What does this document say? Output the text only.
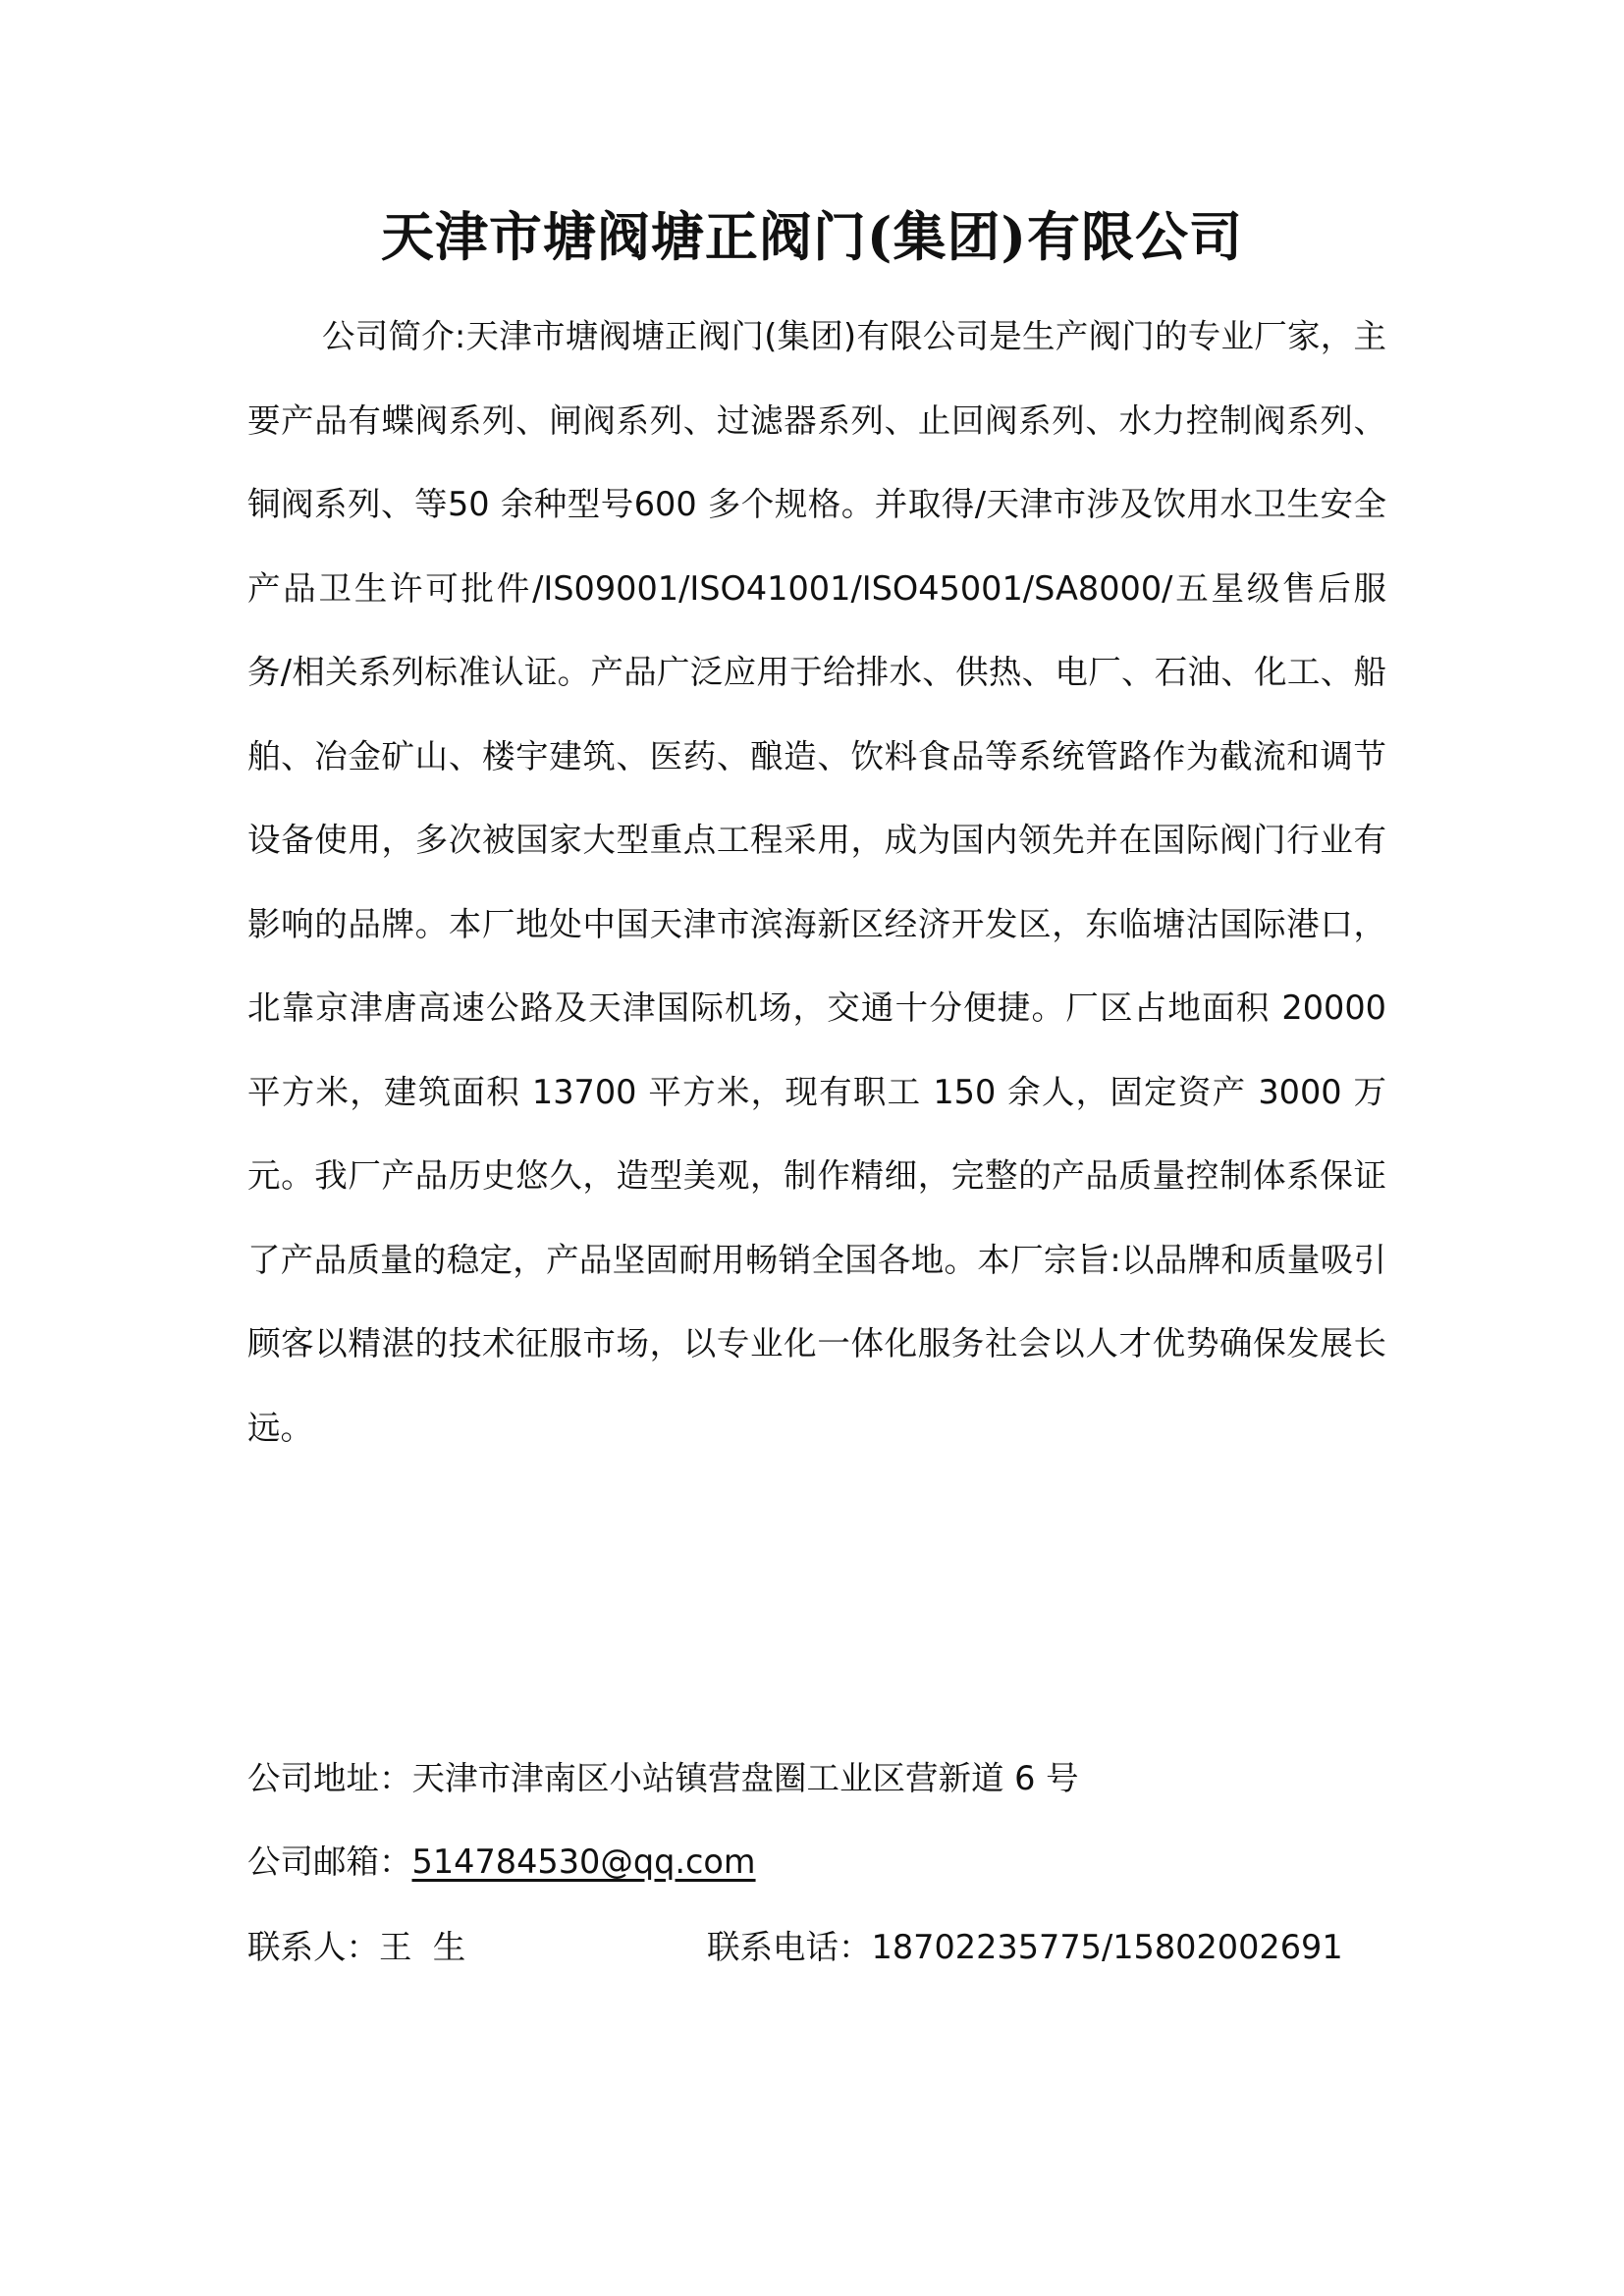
天津市塘阀塘正阀门(集团)有限公司

公司简介:天津市塘阀塘正阀门(集团)有限公司是生产阀门的专业厂家，主要产品有蝶阀系列、闸阀系列、过滤器系列、止回阀系列、水力控制阀系列、铜阀系列、等50 余种型号600 多个规格。并取得/天津市涉及饮用水卫生安全产品卫生许可批件/IS09001/ISO41001/ISO45001/SA8000/五星级售后服务/相关系列标准认证。产品广泛应用于给排水、供热、电厂、石油、化工、船舶、冶金矿山、楼宇建筑、医药、酿造、饮料食品等系统管路作为截流和调节设备使用，多次被国家大型重点工程采用，成为国内领先并在国际阀门行业有影响的品牌。本厂地处中国天津市滨海新区经济开发区，东临塘沽国际港口，北靠京津唐高速公路及天津国际机场，交通十分便捷。厂区占地面积 20000 平方米，建筑面积 13700 平方米，现有职工 150 余人，固定资产 3000 万元。我厂产品历史悠久，造型美观，制作精细，完整的产品质量控制体系保证了产品质量的稳定，产品坚固耐用畅销全国各地。本厂宗旨:以品牌和质量吸引顾客以精湛的技术征服市场，以专业化一体化服务社会以人才优势确保发展长远。

公司地址：天津市津南区小站镇营盘圈工业区营新道 6 号
公司邮箱：514784530@qq.com
联系人：王  生	联系电话：18702235775/15802002691
